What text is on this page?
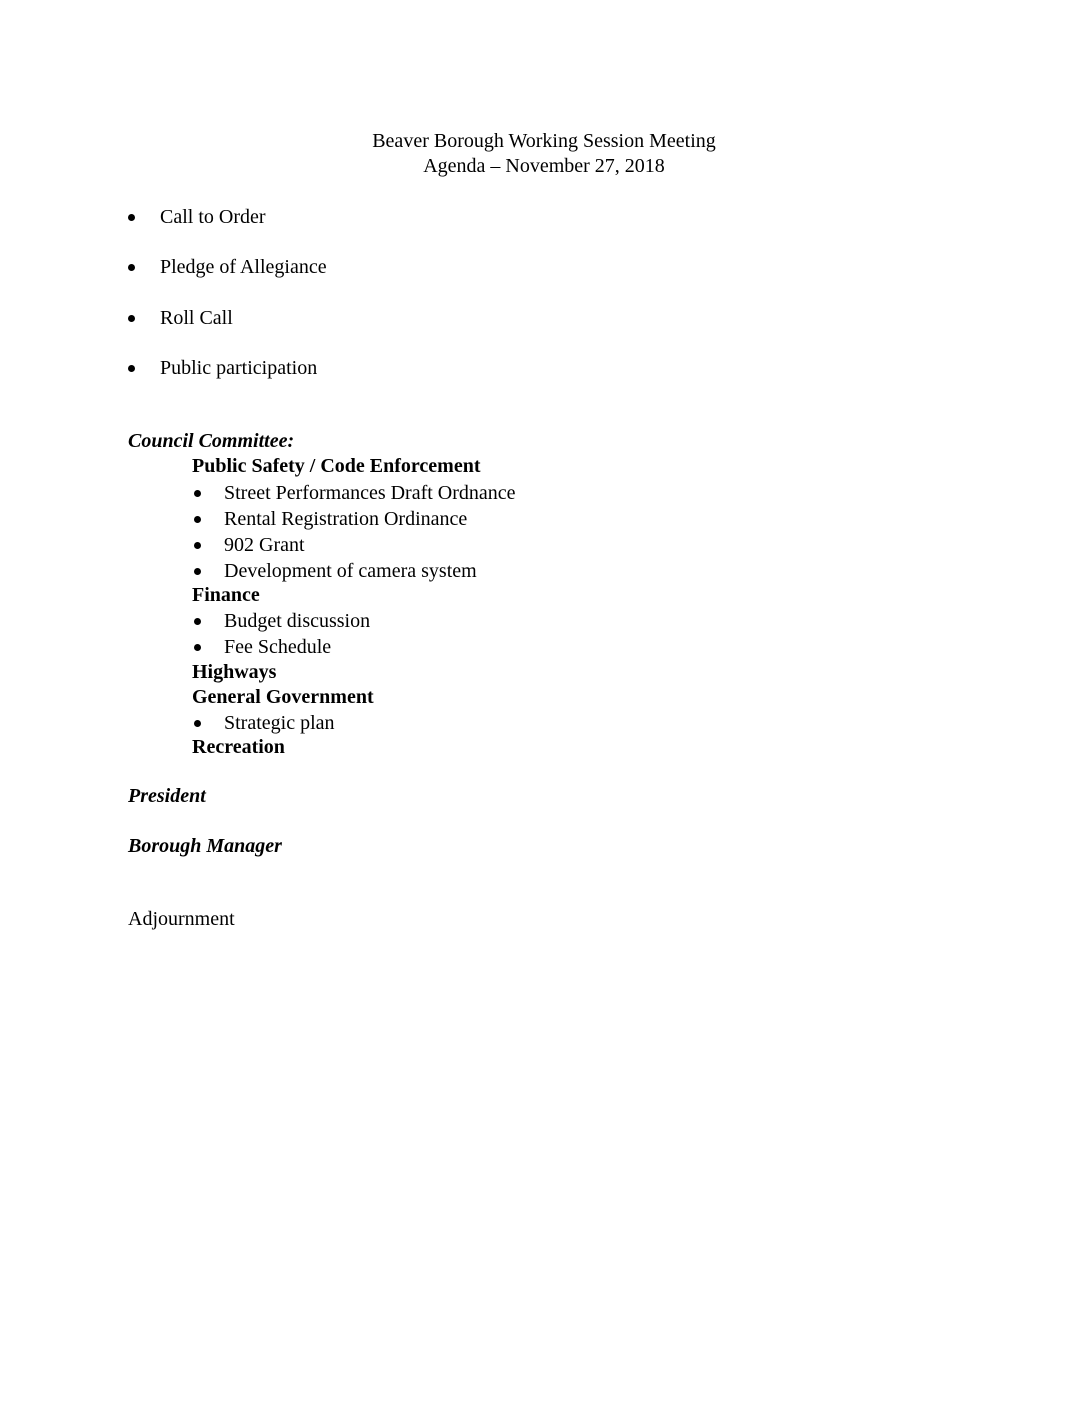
Beaver Borough Working Session Meeting
Agenda – November 27, 2018
Call to Order
Pledge of Allegiance
Roll Call
Public participation
Council Committee:
Public Safety / Code Enforcement
Street Performances Draft Ordnance
Rental Registration Ordinance
902 Grant
Development of camera system
Finance
Budget discussion
Fee Schedule
Highways
General Government
Strategic plan
Recreation
President
Borough Manager
Adjournment
